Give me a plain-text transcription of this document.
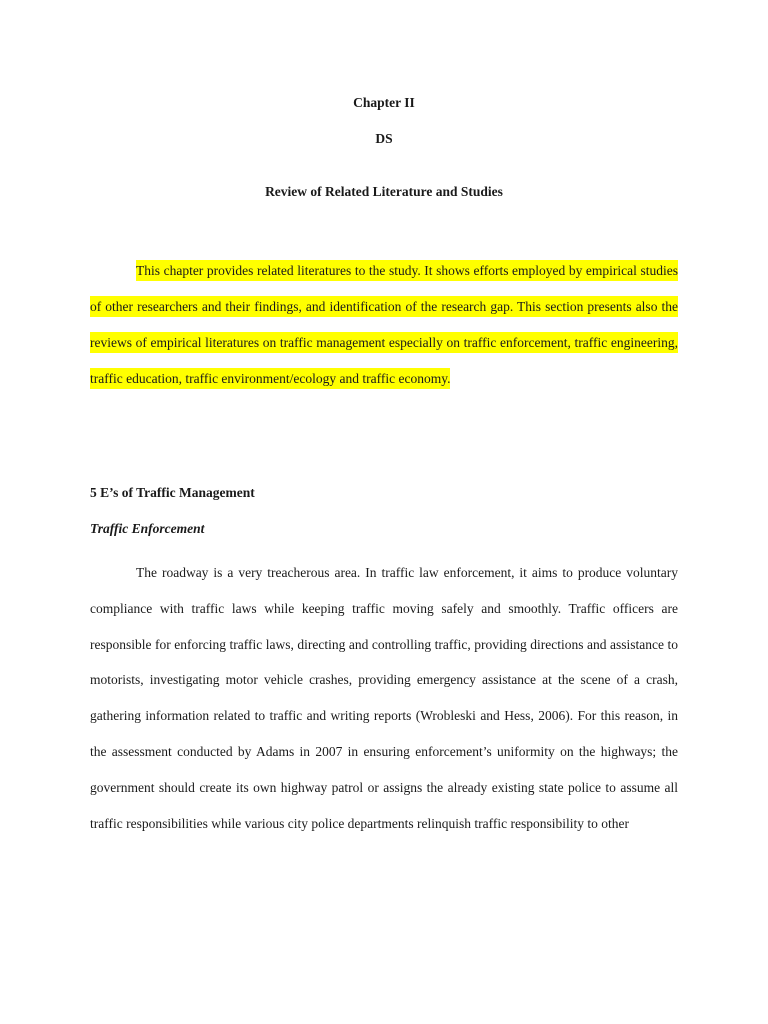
Chapter II
DS
Review of Related Literature and Studies

This chapter provides related literatures to the study. It shows efforts employed by empirical studies of other researchers and their findings, and identification of the research gap. This section presents also the reviews of empirical literatures on traffic management especially on traffic enforcement, traffic engineering, traffic education, traffic environment/ecology and traffic economy.

5 E’s of Traffic Management

Traffic Enforcement

The roadway is a very treacherous area. In traffic law enforcement, it aims to produce voluntary compliance with traffic laws while keeping traffic moving safely and smoothly. Traffic officers are responsible for enforcing traffic laws, directing and controlling traffic, providing directions and assistance to motorists, investigating motor vehicle crashes, providing emergency assistance at the scene of a crash, gathering information related to traffic and writing reports (Wrobleski and Hess, 2006). For this reason, in the assessment conducted by Adams in 2007 in ensuring enforcement’s uniformity on the highways; the government should create its own highway patrol or assigns the already existing state police to assume all traffic responsibilities while various city police departments relinquish traffic responsibility to other
